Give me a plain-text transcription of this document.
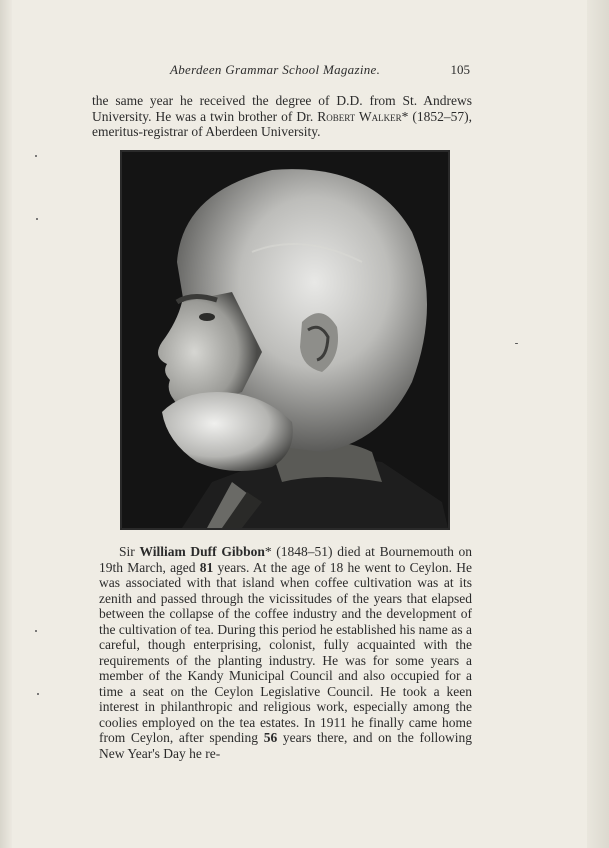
Aberdeen Grammar School Magazine.	105

the same year he received the degree of D.D. from St. Andrews University. He was a twin brother of Dr. Robert Walker* (1852–57), emeritus-registrar of Aberdeen University.

Sir William Duff Gibbon* (1848–51) died at Bournemouth on 19th March, aged 81 years. At the age of 18 he went to Ceylon. He was associated with that island when coffee cultivation was at its zenith and passed through the vicissitudes of the years that elapsed between the collapse of the coffee industry and the development of the cultivation of tea. During this period he established his name as a careful, though enterprising, colonist, fully acquainted with the requirements of the planting industry. He was for some years a member of the Kandy Municipal Council and also occupied for a time a seat on the Ceylon Legislative Council. He took a keen interest in philanthropic and religious work, especially among the coolies employed on the tea estates. In 1911 he finally came home from Ceylon, after spending 56 years there, and on the following New Year's Day he re-
